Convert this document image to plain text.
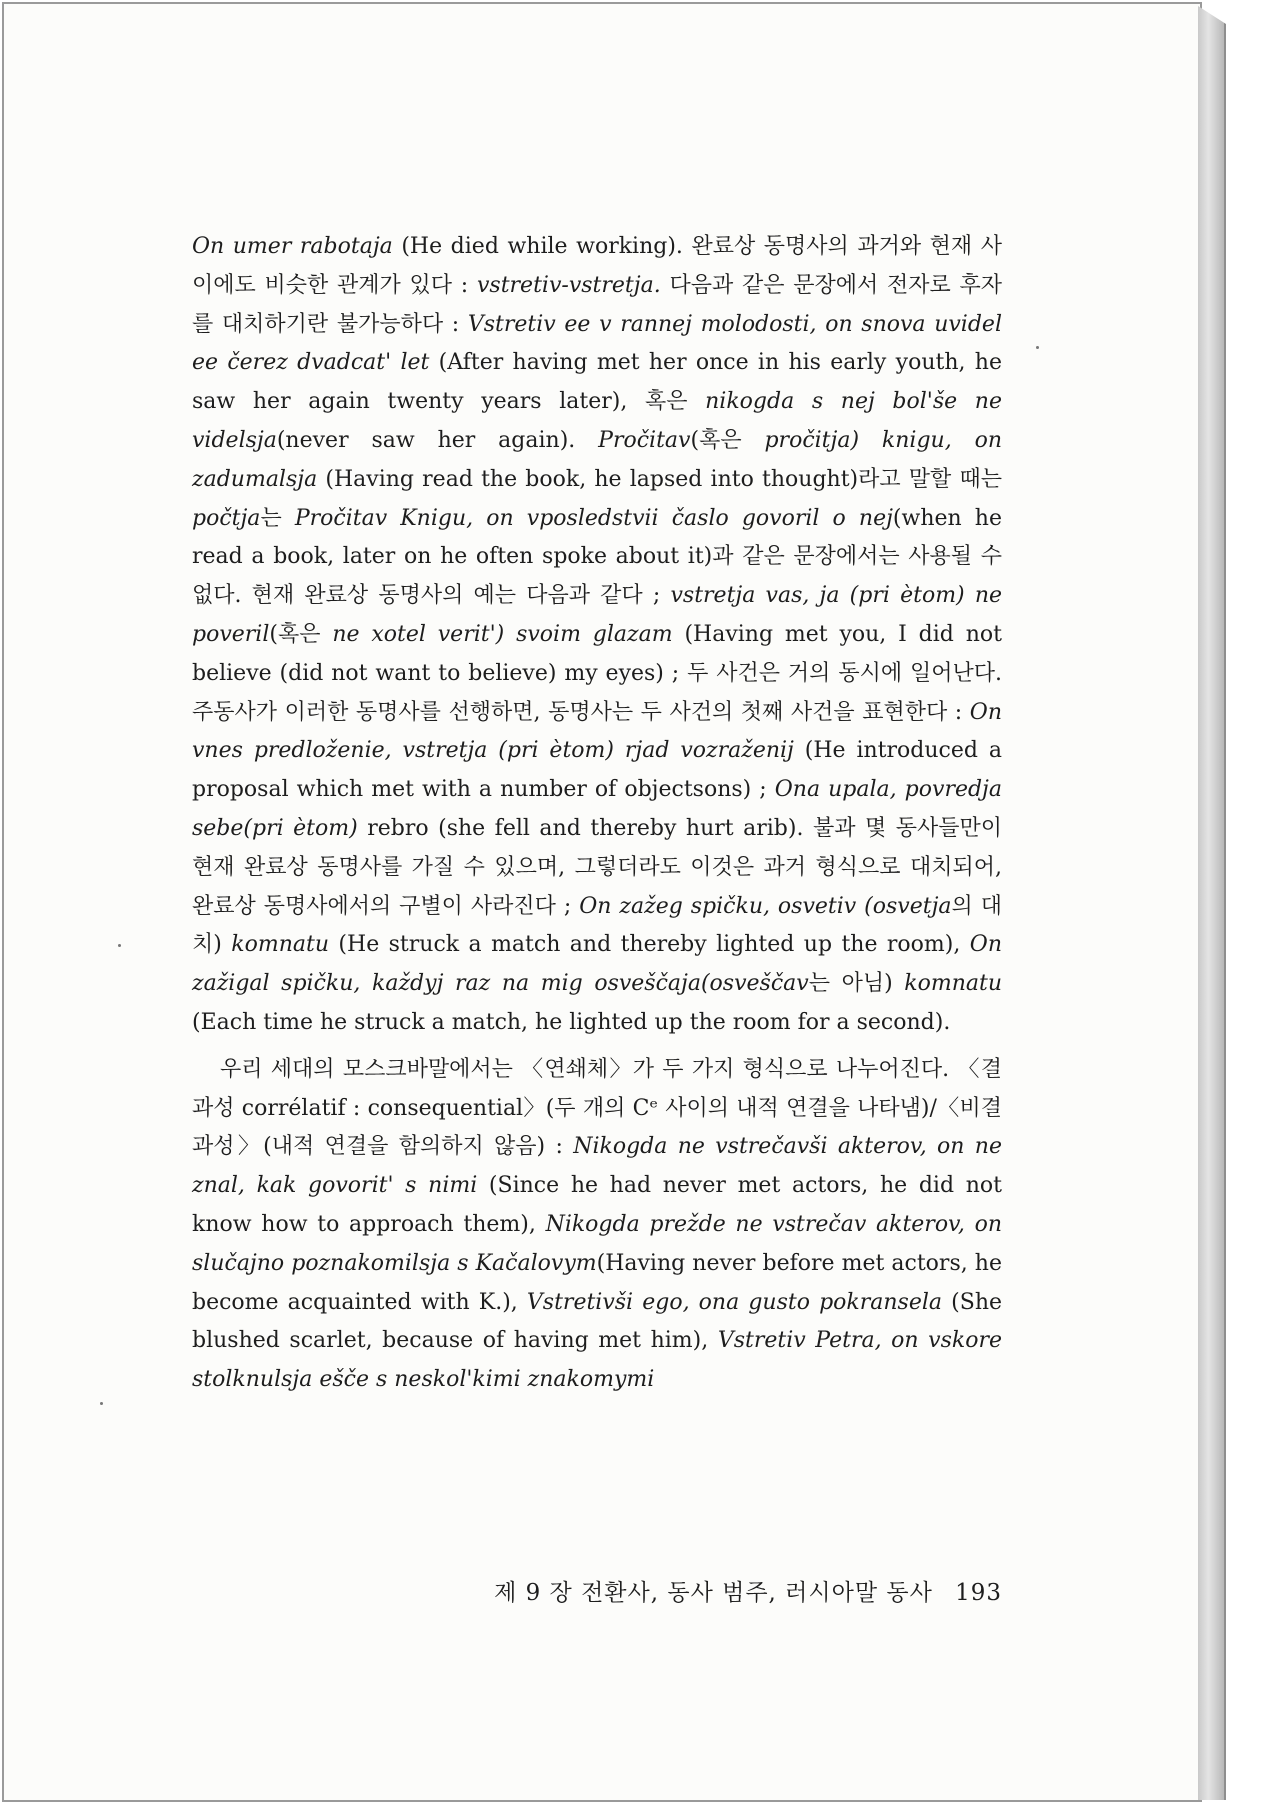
On umer rabotaja (He died while working). 완료상 동명사의 과거와 현재 사이에도 비슷한 관계가 있다 : vstretiv-vstretja. 다음과 같은 문장에서 전자로 후자를 대치하기란 불가능하다 : Vstretiv ee v rannej molodosti, on snova uvidel ee čerez dvadcat' let (After having met her once in his early youth, he saw her again twenty years later), 혹은 nikogda s nej bol'še ne videlsja(never saw her again). Pročitav(혹은 pročitja) knigu, on zadumalsja (Having read the book, he lapsed into thought)라고 말할 때는 počtja는 Pročitav Knigu, on vposledstvii časlo govoril o nej(when he read a book, later on he often spoke about it)과 같은 문장에서는 사용될 수 없다. 현재 완료상 동명사의 예는 다음과 같다 ; vstretja vas, ja (pri ètom) ne poveril(혹은 ne xotel verit') svoim glazam (Having met you, I did not believe (did not want to believe) my eyes) ; 두 사건은 거의 동시에 일어난다. 주동사가 이러한 동명사를 선행하면, 동명사는 두 사건의 첫째 사건을 표현한다 : On vnes predloženie, vstretja (pri ètom) rjad vozraženij (He introduced a proposal which met with a number of objectsons) ; Ona upala, povredja sebe(pri ètom) rebro (she fell and thereby hurt arib). 불과 몇 동사들만이 현재 완료상 동명사를 가질 수 있으며, 그렇더라도 이것은 과거 형식으로 대치되어, 완료상 동명사에서의 구별이 사라진다 ; On zažeg spičku, osvetiv (osvetja의 대치) komnatu (He struck a match and thereby lighted up the room), On zažigal spičku, každyj raz na mig osveščaja(osveščav는 아님) komnatu (Each time he struck a match, he lighted up the room for a second).

우리 세대의 모스크바말에서는 〈연쇄체〉가 두 가지 형식으로 나누어진다. 〈결과성 corrélatif : consequential〉(두 개의 Cᵉ 사이의 내적 연결을 나타냄)/〈비결과성〉(내적 연결을 함의하지 않음) : Nikogda ne vstrečavši akterov, on ne znal, kak govorit' s nimi (Since he had never met actors, he did not know how to approach them), Nikogda prežde ne vstrečav akterov, on slučajno poznakomilsja s Kačalovym(Having never before met actors, he become acquainted with K.), Vstretivši ego, ona gusto pokransela (She blushed scarlet, because of having met him), Vstretiv Petra, on vskore stolknulsja ešče s neskol'kimi znakomymi

제 9 장 전환사, 동사 범주, 러시아말 동사 193
